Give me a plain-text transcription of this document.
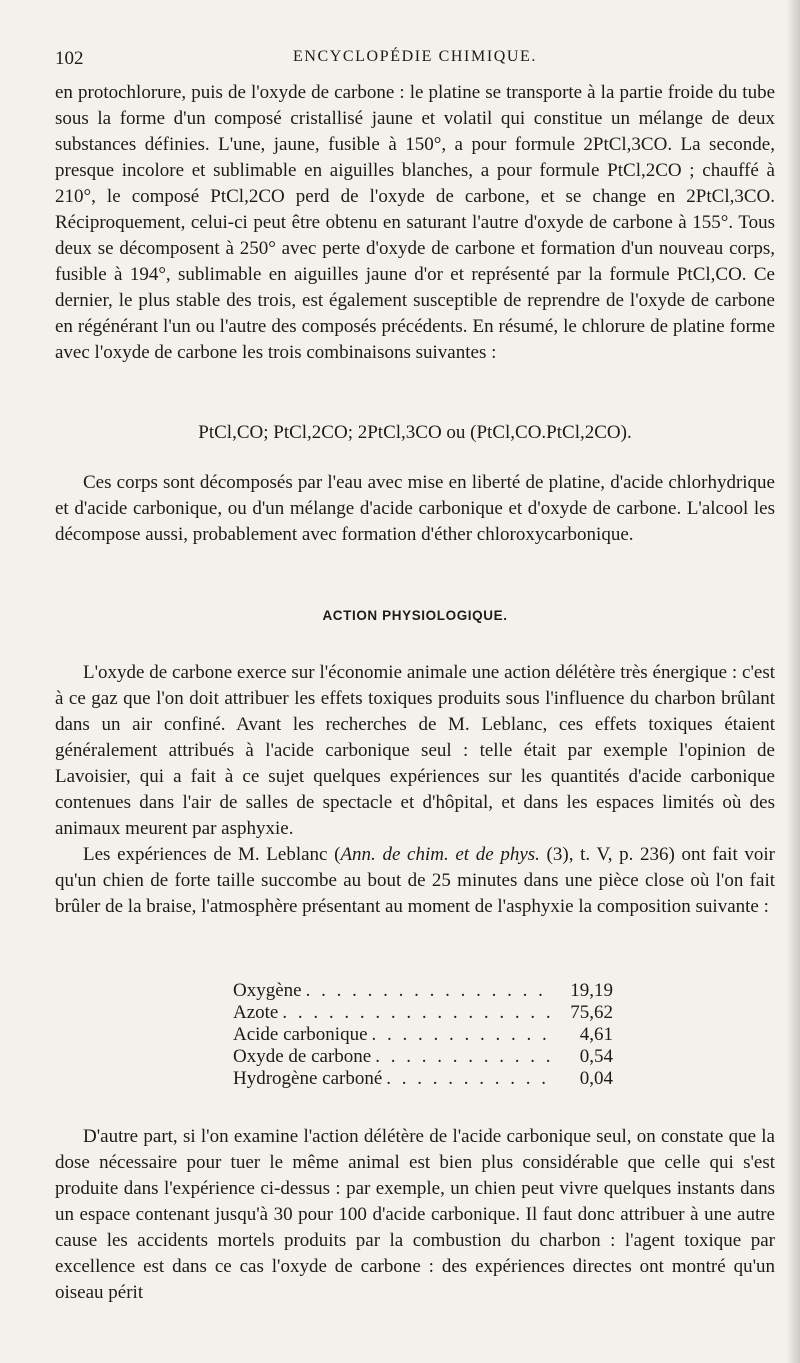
102	ENCYCLOPÉDIE CHIMIQUE.

en protochlorure, puis de l'oxyde de carbone : le platine se transporte à la partie froide du tube sous la forme d'un composé cristallisé jaune et volatil qui constitue un mélange de deux substances définies. L'une, jaune, fusible à 150°, a pour formule 2PtCl,3CO. La seconde, presque incolore et sublimable en aiguilles blanches, a pour formule PtCl,2CO ; chauffé à 210°, le composé PtCl,2CO perd de l'oxyde de carbone, et se change en 2PtCl,3CO. Réciproquement, celui-ci peut être obtenu en saturant l'autre d'oxyde de carbone à 155°. Tous deux se décomposent à 250° avec perte d'oxyde de carbone et formation d'un nouveau corps, fusible à 194°, sublimable en aiguilles jaune d'or et représenté par la formule PtCl,CO. Ce dernier, le plus stable des trois, est également susceptible de reprendre de l'oxyde de carbone en régénérant l'un ou l'autre des composés précédents. En résumé, le chlorure de platine forme avec l'oxyde de carbone les trois combinaisons suivantes :

PtCl,CO; PtCl,2CO; 2PtCl,3CO ou (PtCl,CO.PtCl,2CO).

Ces corps sont décomposés par l'eau avec mise en liberté de platine, d'acide chlorhydrique et d'acide carbonique, ou d'un mélange d'acide carbonique et d'oxyde de carbone. L'alcool les décompose aussi, probablement avec formation d'éther chloroxycarbonique.

ACTION PHYSIOLOGIQUE.

L'oxyde de carbone exerce sur l'économie animale une action délétère très énergique : c'est à ce gaz que l'on doit attribuer les effets toxiques produits sous l'influence du charbon brûlant dans un air confiné. Avant les recherches de M. Leblanc, ces effets toxiques étaient généralement attribués à l'acide carbonique seul : telle était par exemple l'opinion de Lavoisier, qui a fait à ce sujet quelques expériences sur les quantités d'acide carbonique contenues dans l'air de salles de spectacle et d'hôpital, et dans les espaces limités où des animaux meurent par asphyxie.

Les expériences de M. Leblanc (Ann. de chim. et de phys. (3), t. V, p. 236) ont fait voir qu'un chien de forte taille succombe au bout de 25 minutes dans une pièce close où l'on fait brûler de la braise, l'atmosphère présentant au moment de l'asphyxie la composition suivante :

Oxygène . . .	19,19
Azote . . .	75,62
Acide carbonique . . .	4,61
Oxyde de carbone . . .	0,54
Hydrogène carboné . . .	0,04

D'autre part, si l'on examine l'action délétère de l'acide carbonique seul, on constate que la dose nécessaire pour tuer le même animal est bien plus considérable que celle qui s'est produite dans l'expérience ci-dessus : par exemple, un chien peut vivre quelques instants dans un espace contenant jusqu'à 30 pour 100 d'acide carbonique. Il faut donc attribuer à une autre cause les accidents mortels produits par la combustion du charbon : l'agent toxique par excellence est dans ce cas l'oxyde de carbone : des expériences directes ont montré qu'un oiseau périt
